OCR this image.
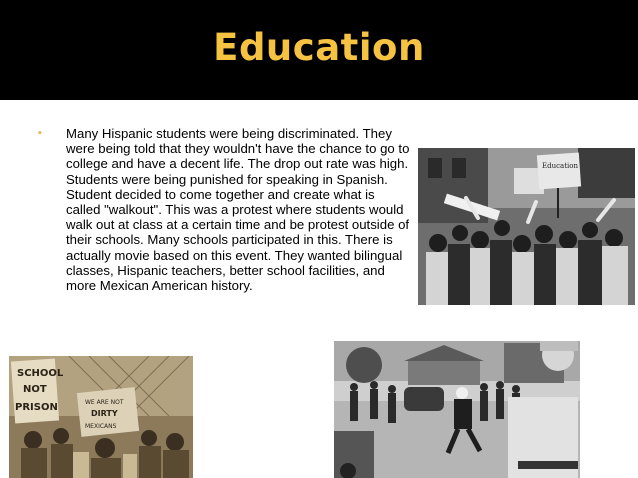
Education
▪ Many Hispanic students were being discriminated. They were being told that they wouldn't have the chance to go to college and have a decent life. The drop out rate was high. Students were being punished for speaking in Spanish. Student decided to come together and create what is called "walkout". This was a protest where students would walk out at class at a certain time and be protest outside of their schools. Many schools participated in this. There is actually movie based on this event. They wanted bilingual classes, Hispanic teachers, better school facilities, and more Mexican American history.
Education
SCHOOL
NOT
PRISON	WE ARE NOT
DIRTY
MEXICANS
